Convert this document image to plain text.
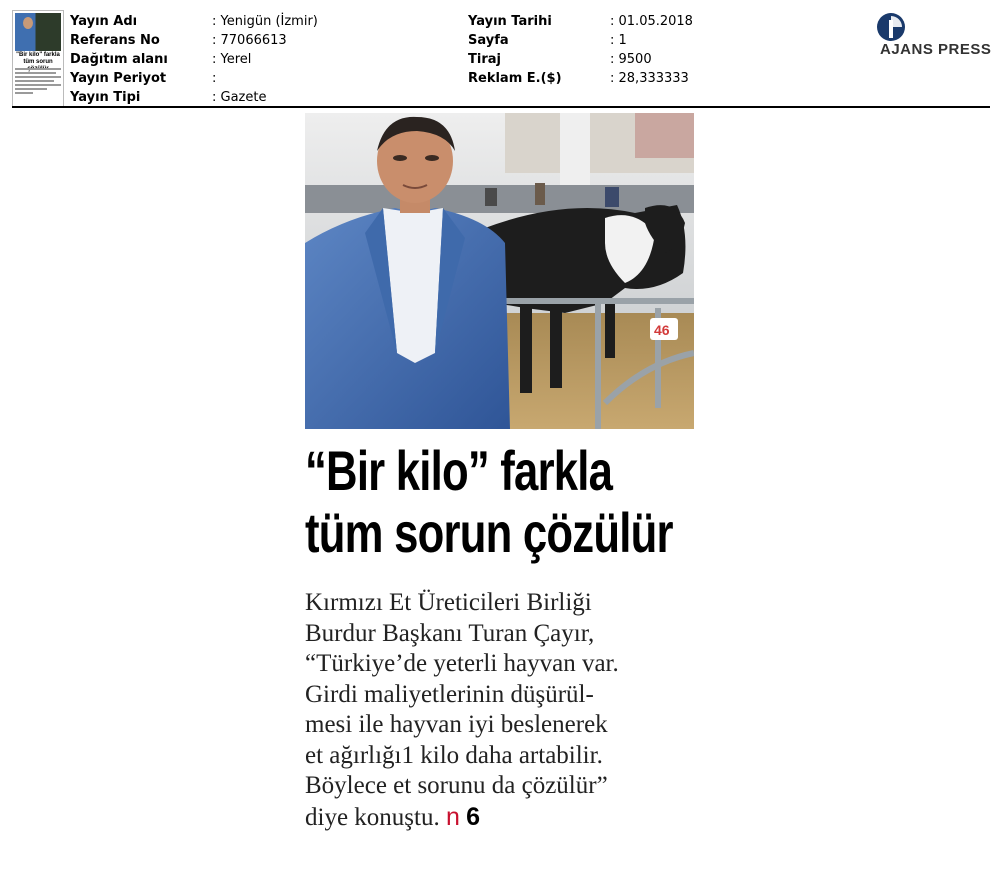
"Bir kilo" farkla tüm sorun
Yayın Adı
Referans No
Dağıtım alanı
Yayın Periyot
Yayın Tipi
: Yenigün (İzmir)
: 77066613
: Yerel
:
: Gazete
Yayın Tarihi
Sayfa
Tiraj
Reklam E.($)
: 01.05.2018
: 1
: 9500
: 28,333333
AJANS PRESS
46
“Bir kilo” farkla
tüm sorun çözülür
Kırmızı Et Üreticileri Birliği
Burdur Başkanı Turan Çayır,
“Türkiye’de yeterli hayvan var.
Girdi maliyetlerinin düşürül-
mesi ile hayvan iyi beslenerek
et ağırlığı1 kilo daha artabilir.
Böylece et sorunu da çözülür”
diye konuştu. n 6
